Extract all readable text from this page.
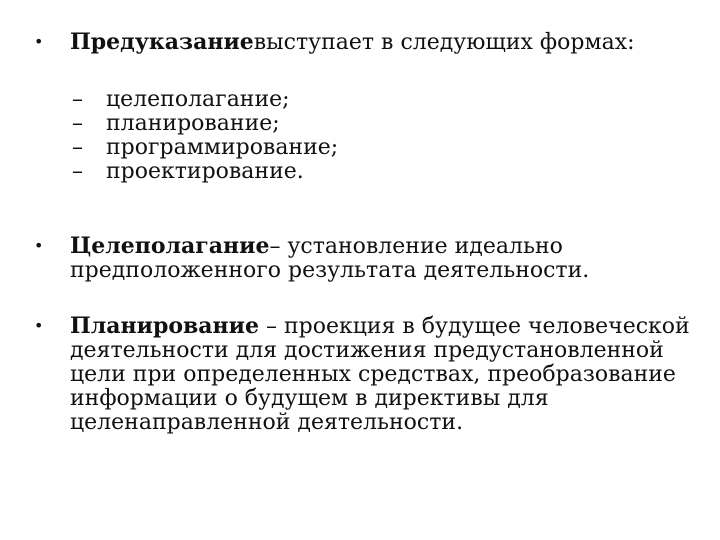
• Предуказаниевыступает в следующих формах:
– целеполагание;
– планирование;
– программирование;
– проектирование.
• Целеполагание– установление идеально предположенного результата деятельности.
• Планирование – проекция в будущее человеческой деятельности для достижения предустановленной цели при определенных средствах, преобразование информации о будущем в директивы для целенаправленной деятельности.
